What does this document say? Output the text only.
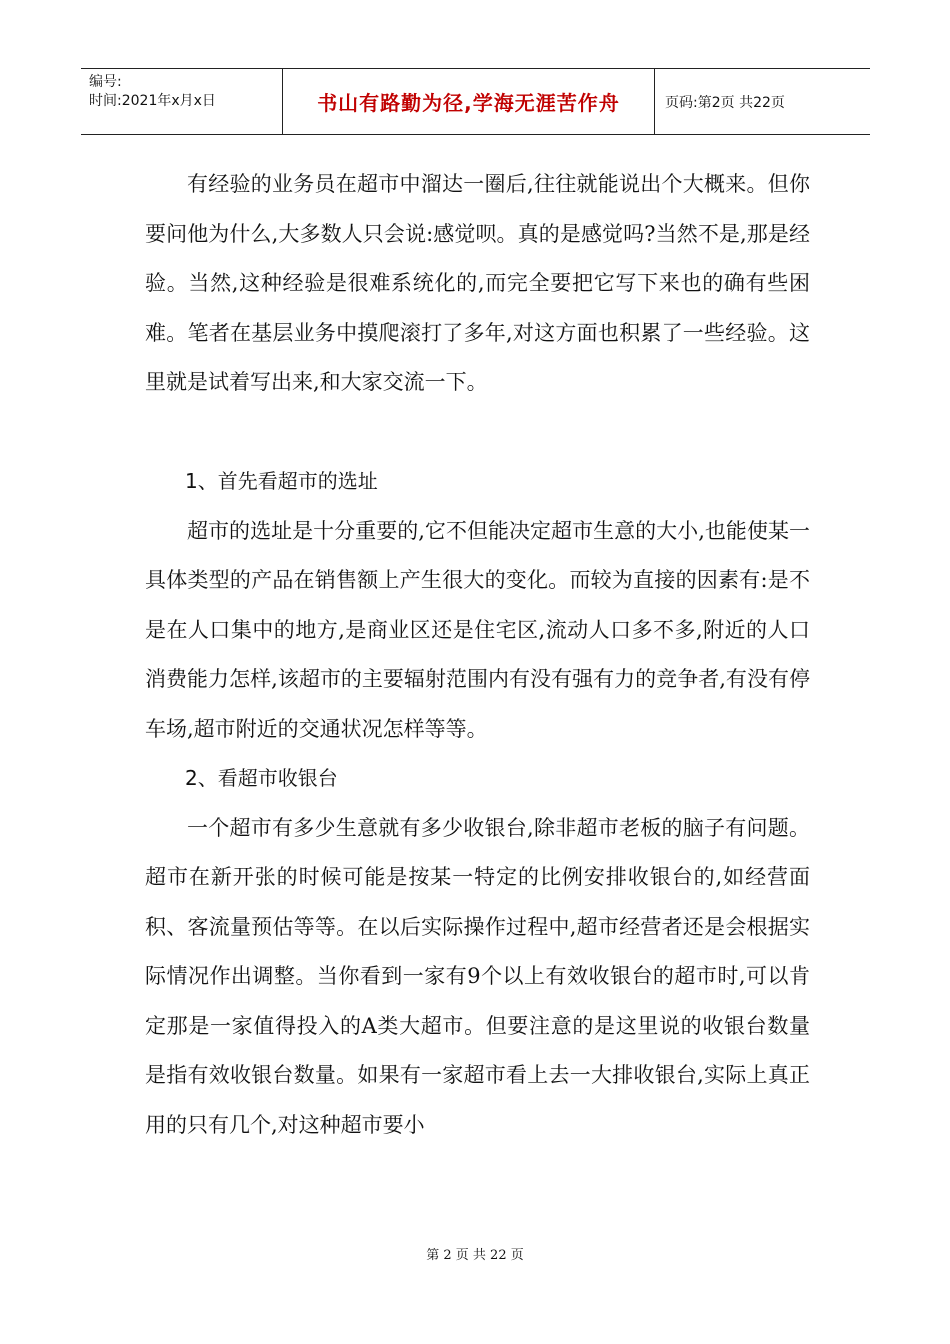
编号:
时间:2021年x月x日	书山有路勤为径,学海无涯苦作舟	页码:第2页 共22页

有经验的业务员在超市中溜达一圈后,往往就能说出个大概来。但你要问他为什么,大多数人只会说:感觉呗。真的是感觉吗?当然不是,那是经验。当然,这种经验是很难系统化的,而完全要把它写下来也的确有些困难。笔者在基层业务中摸爬滚打了多年,对这方面也积累了一些经验。这里就是试着写出来,和大家交流一下。

1、首先看超市的选址

超市的选址是十分重要的,它不但能决定超市生意的大小,也能使某一具体类型的产品在销售额上产生很大的变化。而较为直接的因素有:是不是在人口集中的地方,是商业区还是住宅区,流动人口多不多,附近的人口消费能力怎样,该超市的主要辐射范围内有没有强有力的竞争者,有没有停车场,超市附近的交通状况怎样等等。

2、看超市收银台

一个超市有多少生意就有多少收银台,除非超市老板的脑子有问题。超市在新开张的时候可能是按某一特定的比例安排收银台的,如经营面积、客流量预估等等。在以后实际操作过程中,超市经营者还是会根据实际情况作出调整。当你看到一家有9个以上有效收银台的超市时,可以肯定那是一家值得投入的A类大超市。但要注意的是这里说的收银台数量是指有效收银台数量。如果有一家超市看上去一大排收银台,实际上真正用的只有几个,对这种超市要小

第 2 页 共 22 页
